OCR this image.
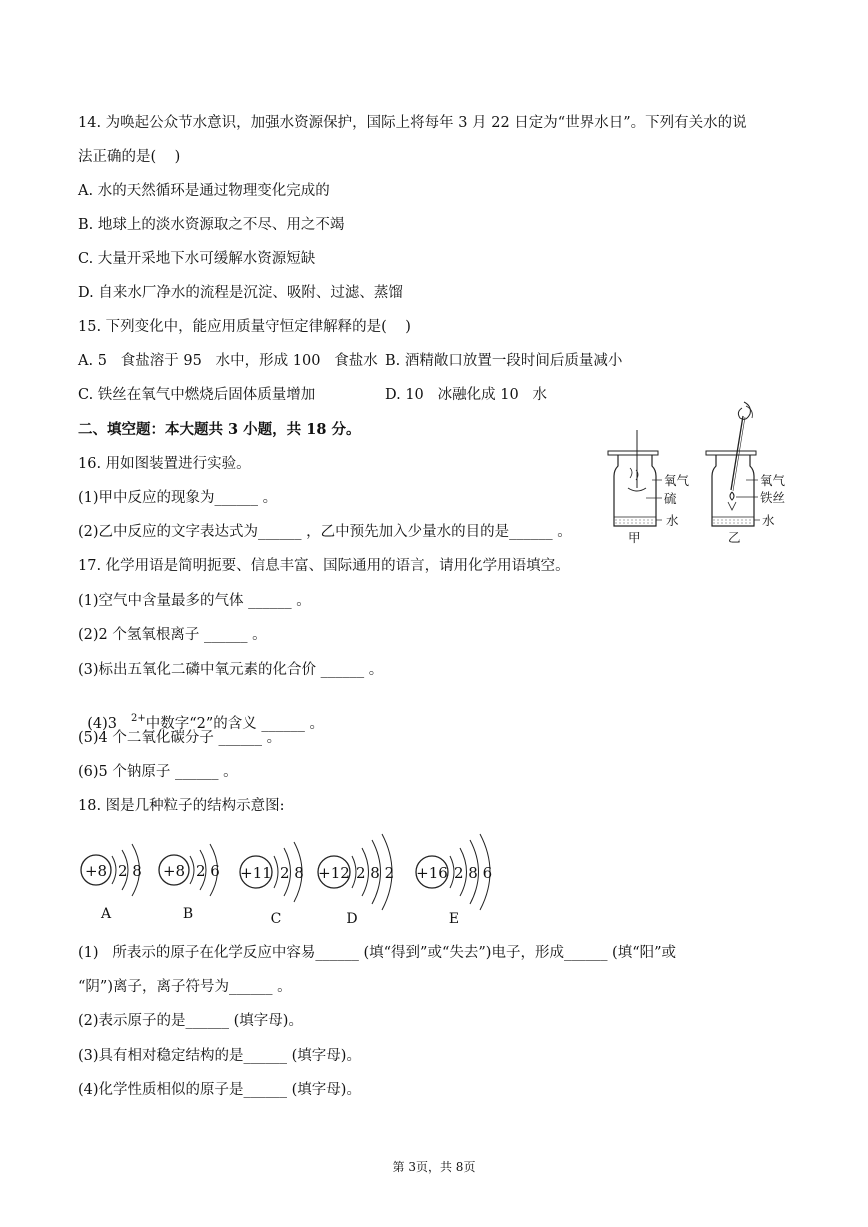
14. 为唤起公众节水意识，加强水资源保护，国际上将每年 3 月 22 日定为“世界水日”。下列有关水的说
法正确的是(    )
A. 水的天然循环是通过物理变化完成的
B. 地球上的淡水资源取之不尽、用之不竭
C. 大量开采地下水可缓解水资源短缺
D. 自来水厂净水的流程是沉淀、吸附、过滤、蒸馏
15. 下列变化中，能应用质量守恒定律解释的是(    )
A. 5   食盐溶于 95   水中，形成 100   食盐水 B. 酒精敞口放置一段时间后质量减小
C. 铁丝在氧气中燃烧后固体质量增加	D. 10   冰融化成 10   水
二、填空题：本大题共 3 小题，共 18 分。
16. 用如图装置进行实验。
(1)甲中反应的现象为______ 。
(2)乙中反应的文字表达式为______ ，乙中预先加入少量水的目的是______ 。
氧气
硫
水
甲
氧气
铁丝
水
乙
17. 化学用语是简明扼要、信息丰富、国际通用的语言，请用化学用语填空。
(1)空气中含量最多的气体 ______ 。
(2)2 个氢氧根离子 ______ 。
(3)标出五氧化二磷中氧元素的化合价 ______ 。

(4)3 $^{2+}$中数字“2”的含义 ______ 。

(5)4 个二氧化碳分子 ______ 。
(6)5 个钠原子 ______ 。
18. 图是几种粒子的结构示意图:
+8 2 8
A
+8 2 6
B
+11 2 8
C
+12 2 8 2
D
+16 2 8 6
E
(1)   所表示的原子在化学反应中容易______ (填“得到”或“失去”)电子，形成______ (填“阳”或
“阴”)离子，离子符号为______ 。
(2)表示原子的是______ (填字母)。
(3)具有相对稳定结构的是______ (填字母)。
(4)化学性质相似的原子是______ (填字母)。
第 3页，共 8页
